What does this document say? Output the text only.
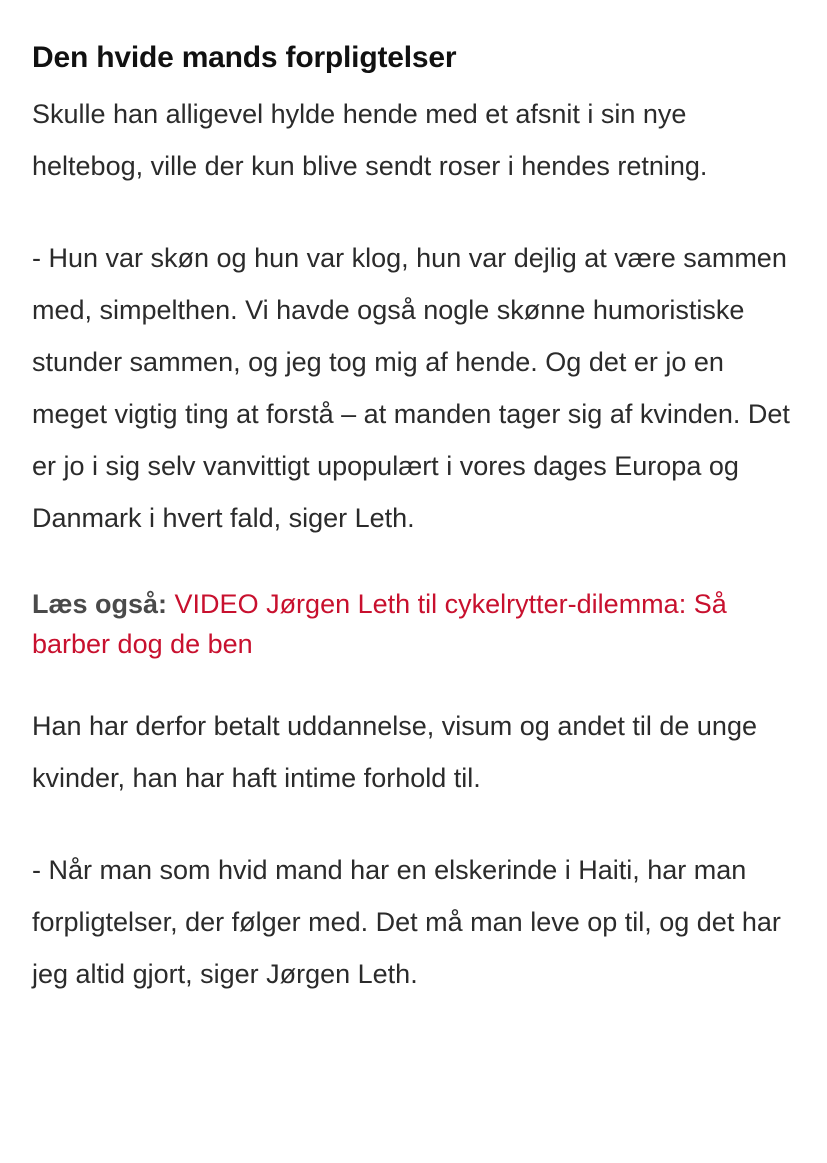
Den hvide mands forpligtelser

Skulle han alligevel hylde hende med et afsnit i sin nye heltebog, ville der kun blive sendt roser i hendes retning.

- Hun var skøn og hun var klog, hun var dejlig at være sammen med, simpelthen. Vi havde også nogle skønne humoristiske stunder sammen, og jeg tog mig af hende. Og det er jo en meget vigtig ting at forstå – at manden tager sig af kvinden. Det er jo i sig selv vanvittigt upopulært i vores dages Europa og Danmark i hvert fald, siger Leth.

Læs også: VIDEO Jørgen Leth til cykelrytter-dilemma: Så barber dog de ben

Han har derfor betalt uddannelse, visum og andet til de unge kvinder, han har haft intime forhold til.

- Når man som hvid mand har en elskerinde i Haiti, har man forpligtelser, der følger med. Det må man leve op til, og det har jeg altid gjort, siger Jørgen Leth.
